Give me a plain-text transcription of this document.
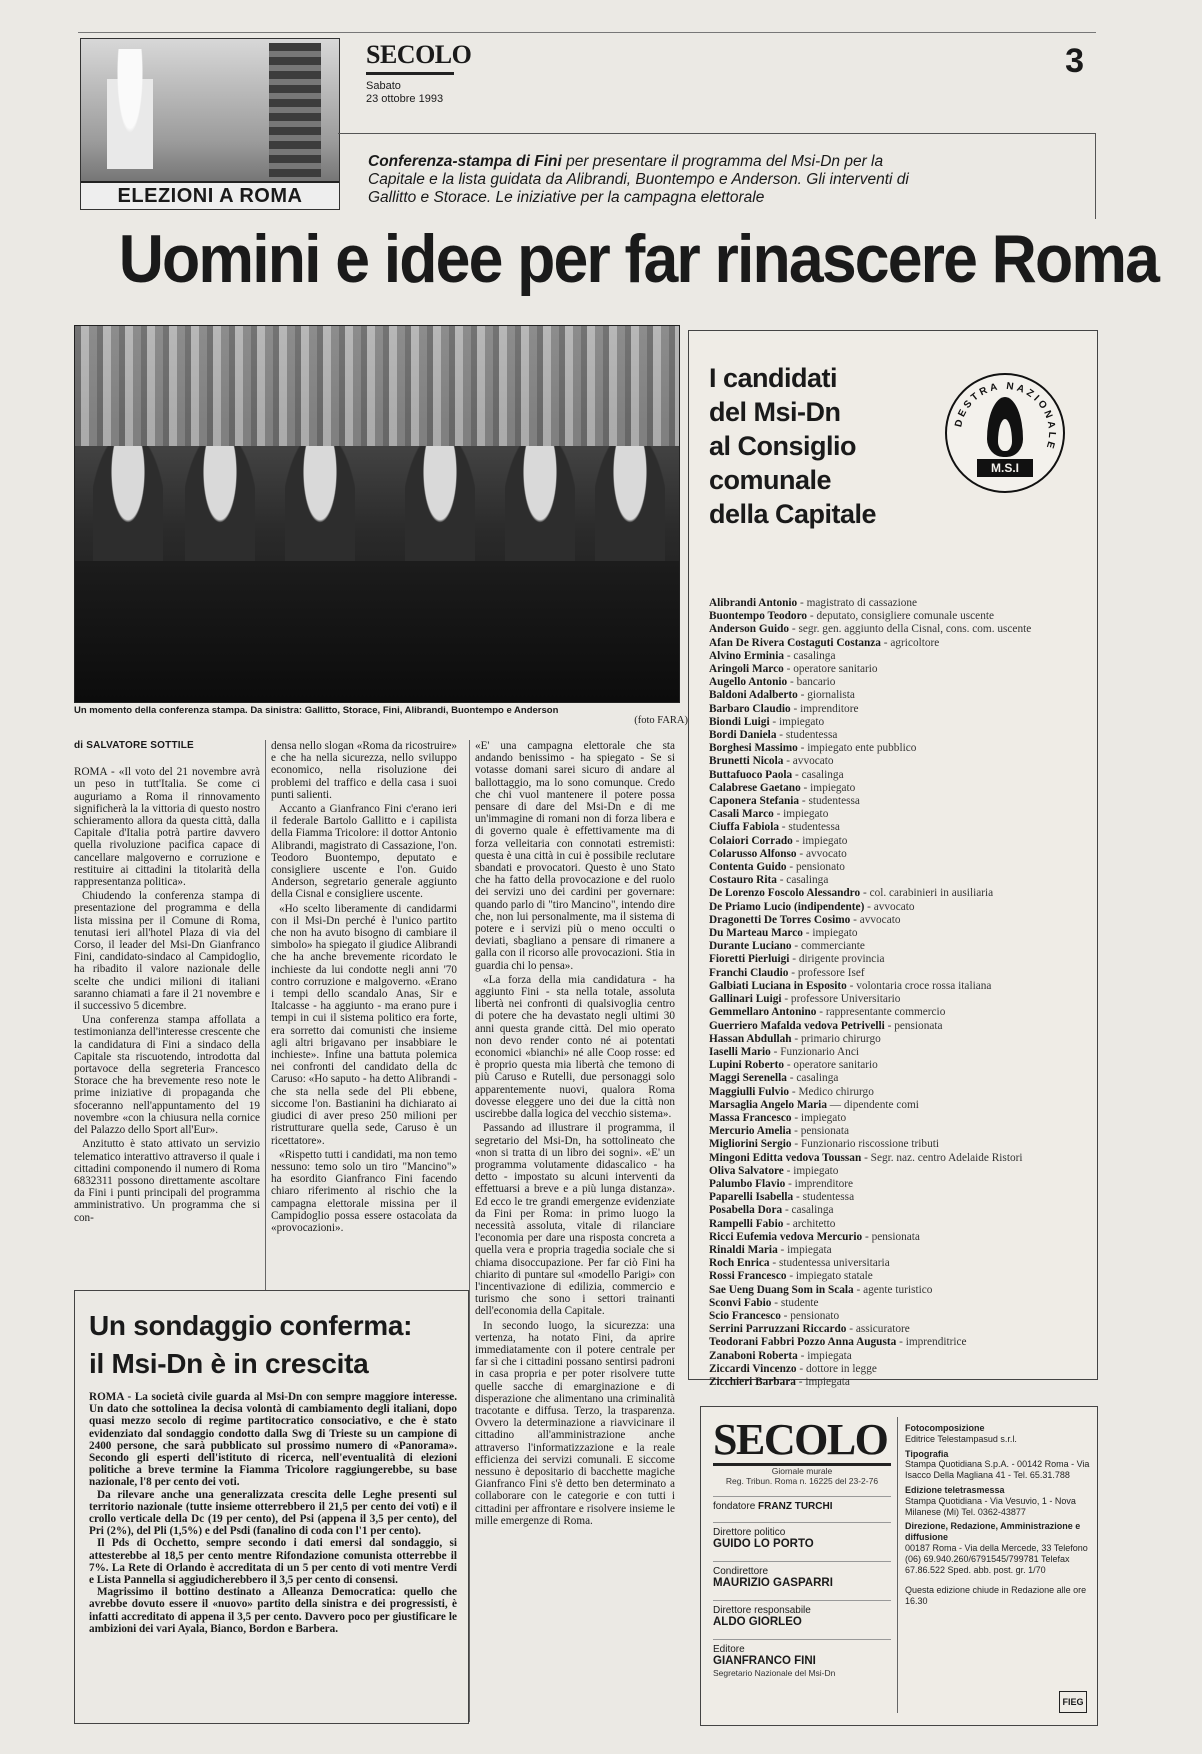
ELEZIONI A ROMA
SECOLO
Sabato
23 ottobre 1993
3
Conferenza-stampa di Fini per presentare il programma del Msi-Dn per la Capitale e la lista guidata da Alibrandi, Buontempo e Anderson. Gli interventi di Gallitto e Storace. Le iniziative per la campagna elettorale
Uomini e idee per far rinascere Roma
Un momento della conferenza stampa. Da sinistra: Gallitto, Storace, Fini, Alibrandi, Buontempo e Anderson
(foto FARA)
di SALVATORE SOTTILE

ROMA - «Il voto del 21 novembre avrà un peso in tutt'Italia. Se come ci auguriamo a Roma il rinnovamento significherà la la vittoria di questo nostro schieramento allora da questa città, dalla Capitale d'Italia potrà partire davvero quella rivoluzione pacifica capace di cancellare malgoverno e corruzione e restituire ai cittadini la titolarità della rappresentanza politica».

Chiudendo la conferenza stampa di presentazione del programma e della lista missina per il Comune di Roma, tenutasi ieri all'hotel Plaza di via del Corso, il leader del Msi-Dn Gianfranco Fini, candidato-sindaco al Campidoglio, ha ribadito il valore nazionale delle scelte che undici milioni di italiani saranno chiamati a fare il 21 novembre e il successivo 5 dicembre.

Una conferenza stampa affollata a testimonianza dell'interesse crescente che la candidatura di Fini a sindaco della Capitale sta riscuotendo, introdotta dal portavoce della segreteria Francesco Storace che ha brevemente reso note le prime iniziative di propaganda che sfoceranno nell'appuntamento del 19 novembre «con la chiusura nella cornice del Palazzo dello Sport all'Eur».

Anzitutto è stato attivato un servizio telematico interattivo attraverso il quale i cittadini componendo il numero di Roma 6832311 possono direttamente ascoltare da Fini i punti principali del programma amministrativo. Un programma che si con-

densa nello slogan «Roma da ricostruire» e che ha nella sicurezza, nello sviluppo economico, nella risoluzione dei problemi del traffico e della casa i suoi punti salienti.

Accanto a Gianfranco Fini c'erano ieri il federale Bartolo Gallitto e i capilista della Fiamma Tricolore: il dottor Antonio Alibrandi, magistrato di Cassazione, l'on. Teodoro Buontempo, deputato e consigliere uscente e l'on. Guido Anderson, segretario generale aggiunto della Cisnal e consigliere uscente.

«Ho scelto liberamente di candidarmi con il Msi-Dn perché è l'unico partito che non ha avuto bisogno di cambiare il simbolo» ha spiegato il giudice Alibrandi che ha anche brevemente ricordato le inchieste da lui condotte negli anni '70 contro corruzione e malgoverno. «Erano i tempi dello scandalo Anas, Sir e Italcasse - ha aggiunto - ma erano pure i tempi in cui il sistema politico era forte, era sorretto dai comunisti che insieme agli altri brigavano per insabbiare le inchieste». Infine una battuta polemica nei confronti del candidato della dc Caruso: «Ho saputo - ha detto Alibrandi - che sta nella sede del Pli ebbene, siccome l'on. Bastianini ha dichiarato ai giudici di aver preso 250 milioni per ristrutturare quella sede, Caruso è un ricettatore».

«Rispetto tutti i candidati, ma non temo nessuno: temo solo un tiro "Mancino"» ha esordito Gianfranco Fini facendo chiaro riferimento al rischio che la campagna elettorale missina per il Campidoglio possa essere ostacolata da «provocazioni».

«E' una campagna elettorale che sta andando benissimo - ha spiegato - Se si votasse domani sarei sicuro di andare al ballottaggio, ma lo sono comunque. Credo che chi vuol mantenere il potere possa pensare di dare del Msi-Dn e di me un'immagine di romani non di forza libera e di governo quale è effettivamente ma di forza velleitaria con connotati estremisti: questa è una città in cui è possibile reclutare sbandati e provocatori. Questo è uno Stato che ha fatto della provocazione e del ruolo dei servizi uno dei cardini per governare: quando parlo di "tiro Mancino", intendo dire che, non lui personalmente, ma il sistema di potere e i servizi più o meno occulti o deviati, sbagliano a pensare di rimanere a galla con il ricorso alle provocazioni. Stia in guardia chi lo pensa».

«La forza della mia candidatura - ha aggiunto Fini - sta nella totale, assoluta libertà nei confronti di qualsivoglia centro di potere che ha devastato negli ultimi 30 anni questa grande città. Del mio operato non devo render conto né ai potentati economici «bianchi» né alle Coop rosse: ed è proprio questa mia libertà che temono di più Caruso e Rutelli, due personaggi solo apparentemente nuovi, qualora Roma dovesse eleggere uno dei due la città non uscirebbe dalla logica del vecchio sistema».

Passando ad illustrare il programma, il segretario del Msi-Dn, ha sottolineato che «non si tratta di un libro dei sogni». «E' un programma volutamente didascalico - ha detto - impostato su alcuni interventi da effettuarsi a breve e a più lunga distanza». Ed ecco le tre grandi emergenze evidenziate da Fini per Roma: in primo luogo la necessità assoluta, vitale di rilanciare l'economia per dare una risposta concreta a quella vera e propria tragedia sociale che si chiama disoccupazione. Per far ciò Fini ha chiarito di puntare sul «modello Parigi» con l'incentivazione di edilizia, commercio e turismo che sono i settori trainanti dell'economia della Capitale.

In secondo luogo, la sicurezza: una vertenza, ha notato Fini, da aprire immediatamente con il potere centrale per far sì che i cittadini possano sentirsi padroni in casa propria e per poter risolvere tutte quelle sacche di emarginazione e di disperazione che alimentano una criminalità tracotante e diffusa. Terzo, la trasparenza. Ovvero la determinazione a riavvicinare il cittadino all'amministrazione anche attraverso l'informatizzazione e la reale efficienza dei servizi comunali. E siccome nessuno è depositario di bacchette magiche Gianfranco Fini s'è detto ben determinato a collaborare con le categorie e con tutti i cittadini per affrontare e risolvere insieme le mille emergenze di Roma.

Un sondaggio conferma:
il Msi-Dn è in crescita

ROMA - La società civile guarda al Msi-Dn con sempre maggiore interesse. Un dato che sottolinea la decisa volontà di cambiamento degli italiani, dopo quasi mezzo secolo di regime partitocratico consociativo, e che è stato evidenziato dal sondaggio condotto dalla Swg di Trieste su un campione di 2400 persone, che sarà pubblicato sul prossimo numero di «Panorama». Secondo gli esperti dell'istituto di ricerca, nell'eventualità di elezioni politiche a breve termine la Fiamma Tricolore raggiungerebbe, su base nazionale, l'8 per cento dei voti.

Da rilevare anche una generalizzata crescita delle Leghe presenti sul territorio nazionale (tutte insieme otterrebbero il 21,5 per cento dei voti) e il crollo verticale della Dc (19 per cento), del Psi (appena il 3,5 per cento), del Pri (2%), del Pli (1,5%) e del Psdi (fanalino di coda con l'1 per cento).

Il Pds di Occhetto, sempre secondo i dati emersi dal sondaggio, si attesterebbe al 18,5 per cento mentre Rifondazione comunista otterrebbe il 7%. La Rete di Orlando è accreditata di un 5 per cento di voti mentre Verdi e Lista Pannella si aggiudicherebbero il 3,5 per cento di consensi.

Magrissimo il bottino destinato a Alleanza Democratica: quello che avrebbe dovuto essere il «nuovo» partito della sinistra e dei progressisti, è infatti accreditato di appena il 3,5 per cento. Davvero poco per giustificare le ambizioni dei vari Ayala, Bianco, Bordon e Barbera.

I candidati
del Msi-Dn
al Consiglio
comunale
della Capitale
DESTRA NAZIONALE
M.S.I
Alibrandi Antonio - magistrato di cassazione
Buontempo Teodoro - deputato, consigliere comunale uscente
Anderson Guido - segr. gen. aggiunto della Cisnal, cons. com. uscente
Afan De Rivera Costaguti Costanza - agricoltore
Alvino Erminia - casalinga
Aringoli Marco - operatore sanitario
Augello Antonio - bancario
Baldoni Adalberto - giornalista
Barbaro Claudio - imprenditore
Biondi Luigi - impiegato
Bordi Daniela - studentessa
Borghesi Massimo - impiegato ente pubblico
Brunetti Nicola - avvocato
Buttafuoco Paola - casalinga
Calabrese Gaetano - impiegato
Caponera Stefania - studentessa
Casali Marco - impiegato
Ciuffa Fabiola - studentessa
Colaiori Corrado - impiegato
Colarusso Alfonso - avvocato
Contenta Guido - pensionato
Costauro Rita - casalinga
De Lorenzo Foscolo Alessandro - col. carabinieri in ausiliaria
De Priamo Lucio (indipendente) - avvocato
Dragonetti De Torres Cosimo - avvocato
Du Marteau Marco - impiegato
Durante Luciano - commerciante
Fioretti Pierluigi - dirigente provincia
Franchi Claudio - professore Isef
Galbiati Luciana in Esposito - volontaria croce rossa italiana
Gallinari Luigi - professore Universitario
Gemmellaro Antonino - rappresentante commercio
Guerriero Mafalda vedova Petrivelli - pensionata
Hassan Abdullah - primario chirurgo
Iaselli Mario - Funzionario Anci
Lupini Roberto - operatore sanitario
Maggi Serenella - casalinga
Maggiulli Fulvio - Medico chirurgo
Marsaglia Angelo Maria — dipendente comi
Massa Francesco - impiegato
Mercurio Amelia - pensionata
Migliorini Sergio - Funzionario riscossione tributi
Mingoni Editta vedova Toussan - Segr. naz. centro Adelaide Ristori
Oliva Salvatore - impiegato
Palumbo Flavio - imprenditore
Paparelli Isabella - studentessa
Posabella Dora - casalinga
Rampelli Fabio - architetto
Ricci Eufemia vedova Mercurio - pensionata
Rinaldi Maria - impiegata
Roch Enrica - studentessa universitaria
Rossi Francesco - impiegato statale
Sae Ueng Duang Som in Scala - agente turistico
Sconvi Fabio - studente
Scio Francesco - pensionato
Serrini Parruzzani Riccardo - assicuratore
Teodorani Fabbri Pozzo Anna Augusta - imprenditrice
Zanaboni Roberta - impiegata
Ziccardi Vincenzo - dottore in legge
Zicchieri Barbara - impiegata
SECOLO
Giornale murale
Reg. Tribun. Roma n. 16225 del 23-2-76
fondatore FRANZ TURCHI
Direttore politico
GUIDO LO PORTO
Condirettore
MAURIZIO GASPARRI
Direttore responsabile
ALDO GIORLEO
Editore
GIANFRANCO FINI
Segretario Nazionale del Msi-Dn
Fotocomposizione
Editrice Telestampasud s.r.l.
Tipografia
Stampa Quotidiana S.p.A. - 00142 Roma - Via Isacco Della Magliana 41 - Tel. 65.31.788
Edizione teletrasmessa
Stampa Quotidiana - Via Vesuvio, 1 - Nova Milanese (Mi) Tel. 0362-43877
Direzione, Redazione, Amministrazione e diffusione
00187 Roma - Via della Mercede, 33 Telefono (06) 69.940.260/6791545/799781 Telefax 67.86.522 Sped. abb. post. gr. 1/70
Questa edizione chiude in Redazione alle ore 16.30
FIEG
